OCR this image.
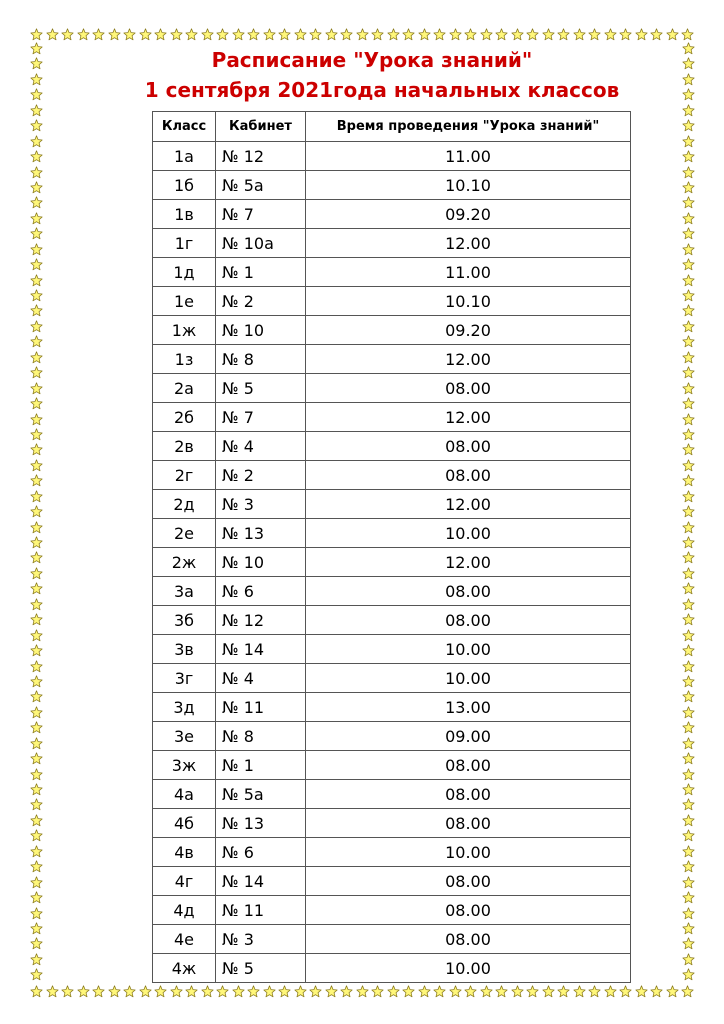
Расписание "Урока знаний"
1 сентября 2021года начальных классов
Класс	Кабинет	Время проведения "Урока знаний"
1а	№ 12	11.00
1б	№ 5а	10.10
1в	№ 7	09.20
1г	№ 10а	12.00
1д	№ 1	11.00
1е	№ 2	10.10
1ж	№ 10	09.20
1з	№ 8	12.00
2а	№ 5	08.00
2б	№ 7	12.00
2в	№ 4	08.00
2г	№ 2	08.00
2д	№ 3	12.00
2е	№ 13	10.00
2ж	№ 10	12.00
3а	№ 6	08.00
3б	№ 12	08.00
3в	№ 14	10.00
3г	№ 4	10.00
3д	№ 11	13.00
3е	№ 8	09.00
3ж	№ 1	08.00
4а	№ 5а	08.00
4б	№ 13	08.00
4в	№ 6	10.00
4г	№ 14	08.00
4д	№ 11	08.00
4е	№ 3	08.00
4ж	№ 5	10.00
